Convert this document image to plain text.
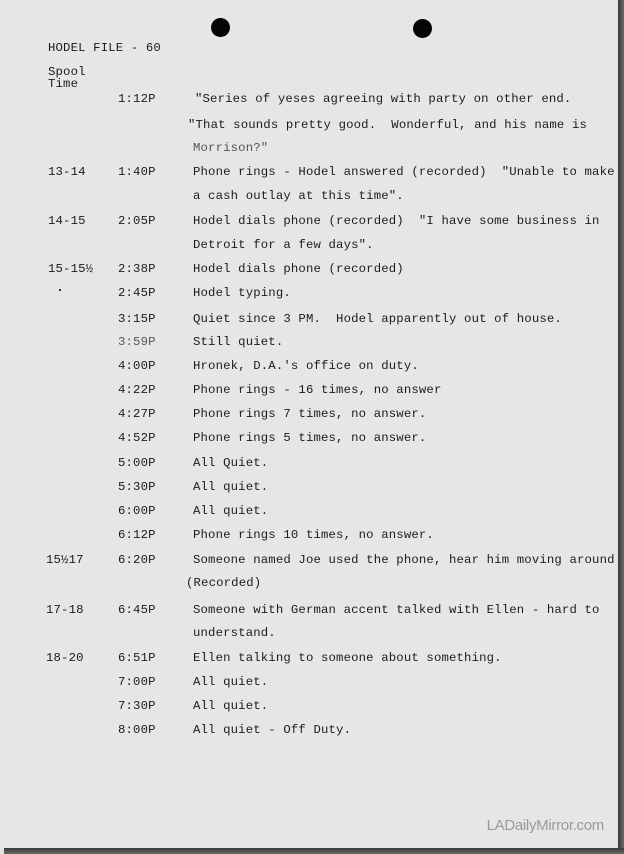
HODEL FILE - 60
Spool
Time
1:12P	"Series of yeses agreeing with party on other end.
"That sounds pretty good.  Wonderful, and his name is
Morrison?"
13-14	1:40P	Phone rings - Hodel answered (recorded)  "Unable to make
a cash outlay at this time".
14-15	2:05P	Hodel dials phone (recorded)  "I have some business in
Detroit for a few days".
15-15½ 2:38P	Hodel dials phone (recorded)
2:45P	Hodel typing.
3:15P	Quiet since 3 PM.  Hodel apparently out of house.
3:59P	Still quiet.
4:00P	Hronek, D.A.'s office on duty.
4:22P	Phone rings - 16 times, no answer
4:27P	Phone rings 7 times, no answer.
4:52P	Phone rings 5 times, no answer.
5:00P	All Quiet.
5:30P	All quiet.
6:00P	All quiet.
6:12P	Phone rings 10 times, no answer.
15½17	6:20P	Someone named Joe used the phone, hear him moving around
(Recorded)
17-18	6:45P	Someone with German accent talked with Ellen - hard to
understand.
18-20	6:51P	Ellen talking to someone about something.
7:00P	All quiet.
7:30P	All quiet.
8:00P	All quiet - Off Duty.
LADailyMirror.com
